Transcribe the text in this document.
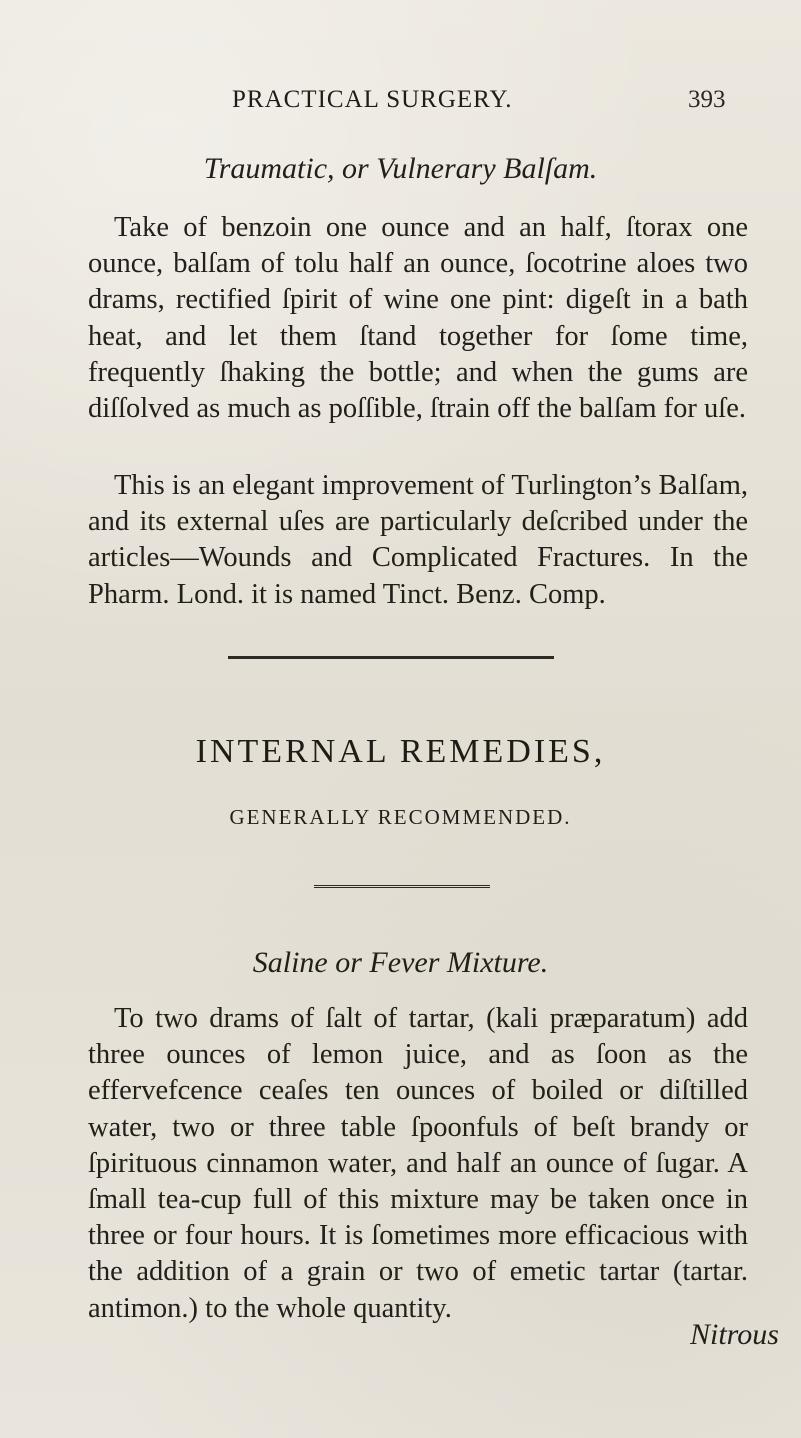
PRACTICAL SURGERY.	393
Traumatic, or Vulnerary Balſam.

Take of benzoin one ounce and an half, ſtorax one ounce, balſam of tolu half an ounce, ſocotrine aloes two drams, rectified ſpirit of wine one pint: digeſt in a bath heat, and let them ſtand together for ſome time, frequently ſhaking the bottle; and when the gums are diſſolved as much as poſſible, ſtrain off the balſam for uſe.

This is an elegant improvement of Turlington’s Balſam, and its external uſes are particularly deſcribed under the articles—Wounds and Complicated Fractures. In the Pharm. Lond. it is named Tinct. Benz. Comp.

INTERNAL REMEDIES,
GENERALLY RECOMMENDED.
Saline or Fever Mixture.

To two drams of ſalt of tartar, (kali præparatum) add three ounces of lemon juice, and as ſoon as the effervefcence ceaſes ten ounces of boiled or diſtilled water, two or three table ſpoonfuls of beſt brandy or ſpirituous cinnamon water, and half an ounce of ſugar. A ſmall tea-cup full of this mixture may be taken once in three or four hours. It is ſometimes more efficacious with the addition of a grain or two of emetic tartar (tartar. antimon.) to the whole quantity.

Nitrous
